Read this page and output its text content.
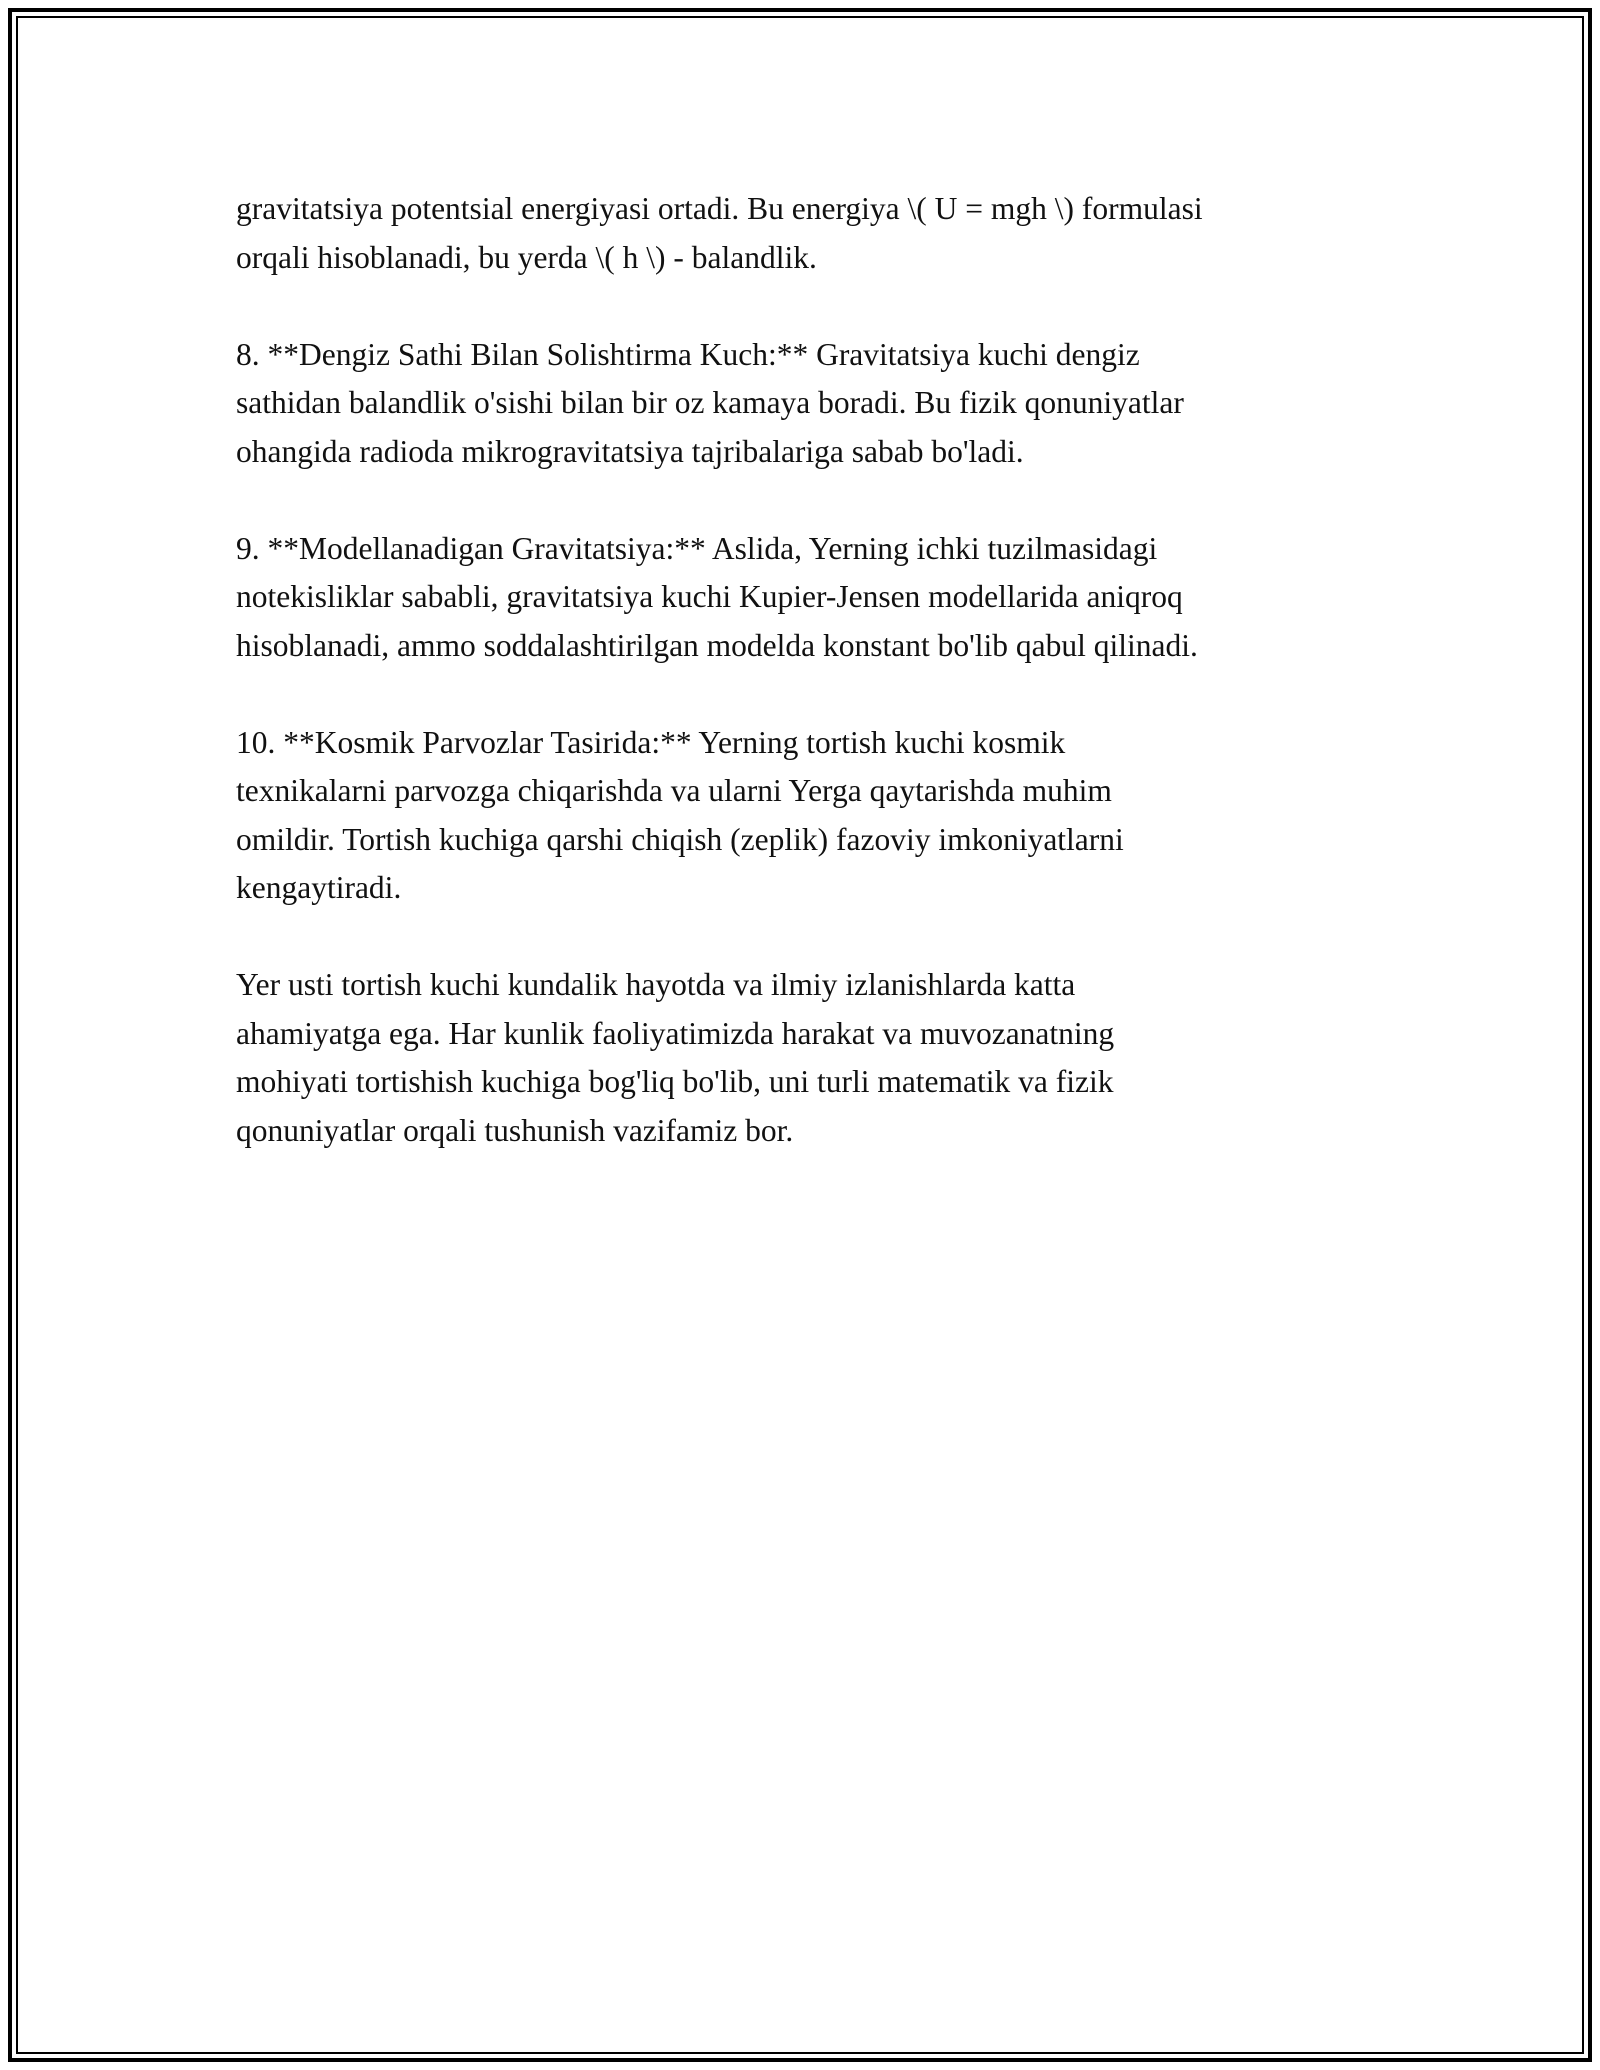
gravitatsiya potentsial energiyasi ortadi. Bu energiya \( U = mgh \) formulasi
orqali hisoblanadi, bu yerda \( h \) - balandlik.

8. **Dengiz Sathi Bilan Solishtirma Kuch:** Gravitatsiya kuchi dengiz
sathidan balandlik o'sishi bilan bir oz kamaya boradi. Bu fizik qonuniyatlar
ohangida radioda mikrogravitatsiya tajribalariga sabab bo'ladi.

9. **Modellanadigan Gravitatsiya:** Aslida, Yerning ichki tuzilmasidagi
notekisliklar sababli, gravitatsiya kuchi Kupier-Jensen modellarida aniqroq
hisoblanadi, ammo soddalashtirilgan modelda konstant bo'lib qabul qilinadi.

10. **Kosmik Parvozlar Tasirida:** Yerning tortish kuchi kosmik
texnikalarni parvozga chiqarishda va ularni Yerga qaytarishda muhim
omildir. Tortish kuchiga qarshi chiqish (zeplik) fazoviy imkoniyatlarni
kengaytiradi.

Yer usti tortish kuchi kundalik hayotda va ilmiy izlanishlarda katta
ahamiyatga ega. Har kunlik faoliyatimizda harakat va muvozanatning
mohiyati tortishish kuchiga bog'liq bo'lib, uni turli matematik va fizik
qonuniyatlar orqali tushunish vazifamiz bor.
